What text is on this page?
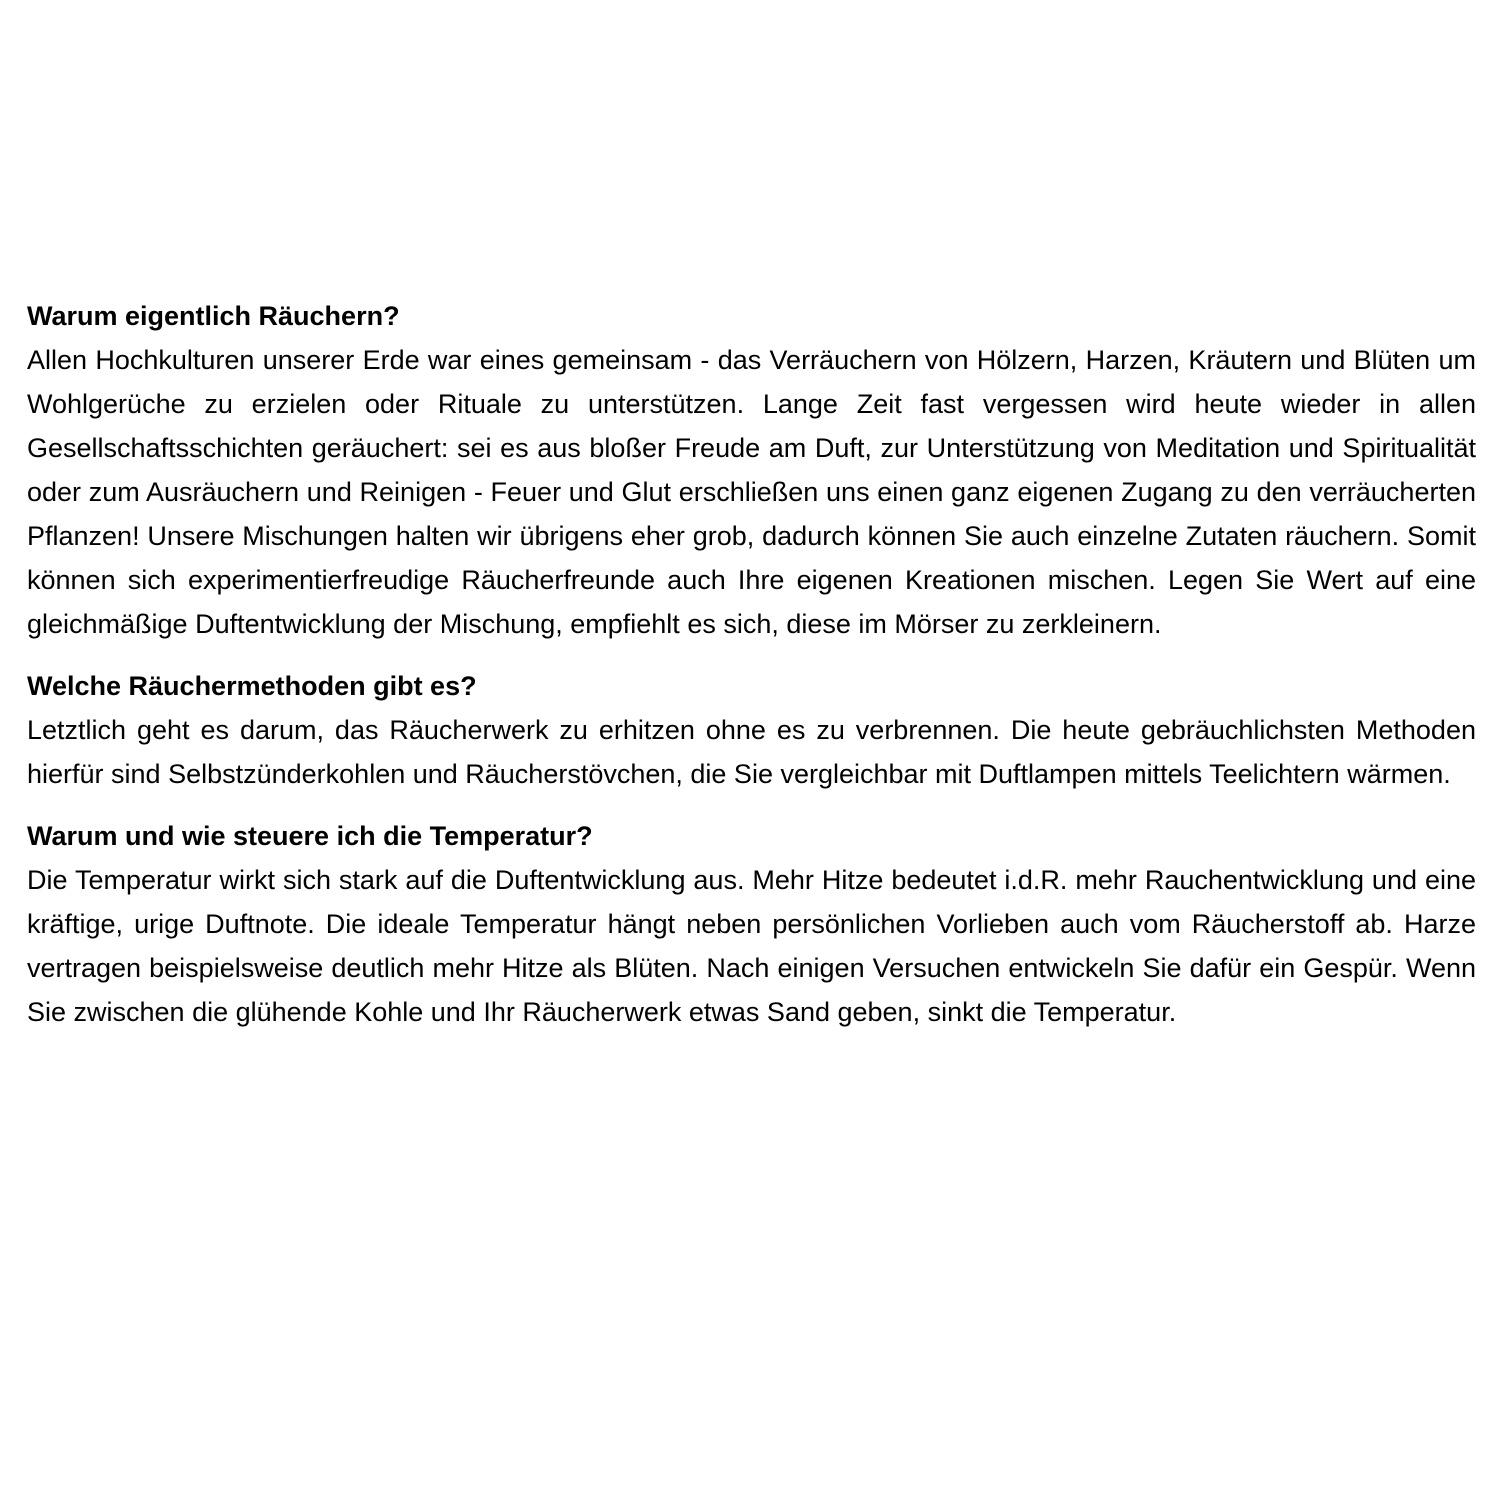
Warum eigentlich Räuchern?

Allen Hochkulturen unserer Erde war eines gemeinsam - das Verräuchern von Hölzern, Harzen, Kräutern und Blüten um Wohlgerüche zu erzielen oder Rituale zu unterstützen. Lange Zeit fast vergessen wird heute wieder in allen Gesellschaftsschichten geräuchert: sei es aus bloßer Freude am Duft, zur Unterstützung von Meditation und Spiritualität oder zum Ausräuchern und Reinigen - Feuer und Glut erschließen uns einen ganz eigenen Zugang zu den verräucherten Pflanzen! Unsere Mischungen halten wir übrigens eher grob, dadurch können Sie auch einzelne Zutaten räuchern. Somit können sich experimentierfreudige Räucherfreunde auch Ihre eigenen Kreationen mischen. Legen Sie Wert auf eine gleichmäßige Duftentwicklung der Mischung, empfiehlt es sich, diese im Mörser zu zerkleinern.

Welche Räuchermethoden gibt es?

Letztlich geht es darum, das Räucherwerk zu erhitzen ohne es zu verbrennen. Die heute gebräuchlichsten Methoden hierfür sind Selbstzünderkohlen und Räucherstövchen, die Sie vergleichbar mit Duftlampen mittels Teelichtern wärmen.

Warum und wie steuere ich die Temperatur?

Die Temperatur wirkt sich stark auf die Duftentwicklung aus. Mehr Hitze bedeutet i.d.R. mehr Rauchentwicklung und eine kräftige, urige Duftnote. Die ideale Temperatur hängt neben persönlichen Vorlieben auch vom Räucherstoff ab. Harze vertragen beispielsweise deutlich mehr Hitze als Blüten. Nach einigen Versuchen entwickeln Sie dafür ein Gespür. Wenn Sie zwischen die glühende Kohle und Ihr Räucherwerk etwas Sand geben, sinkt die Temperatur.
